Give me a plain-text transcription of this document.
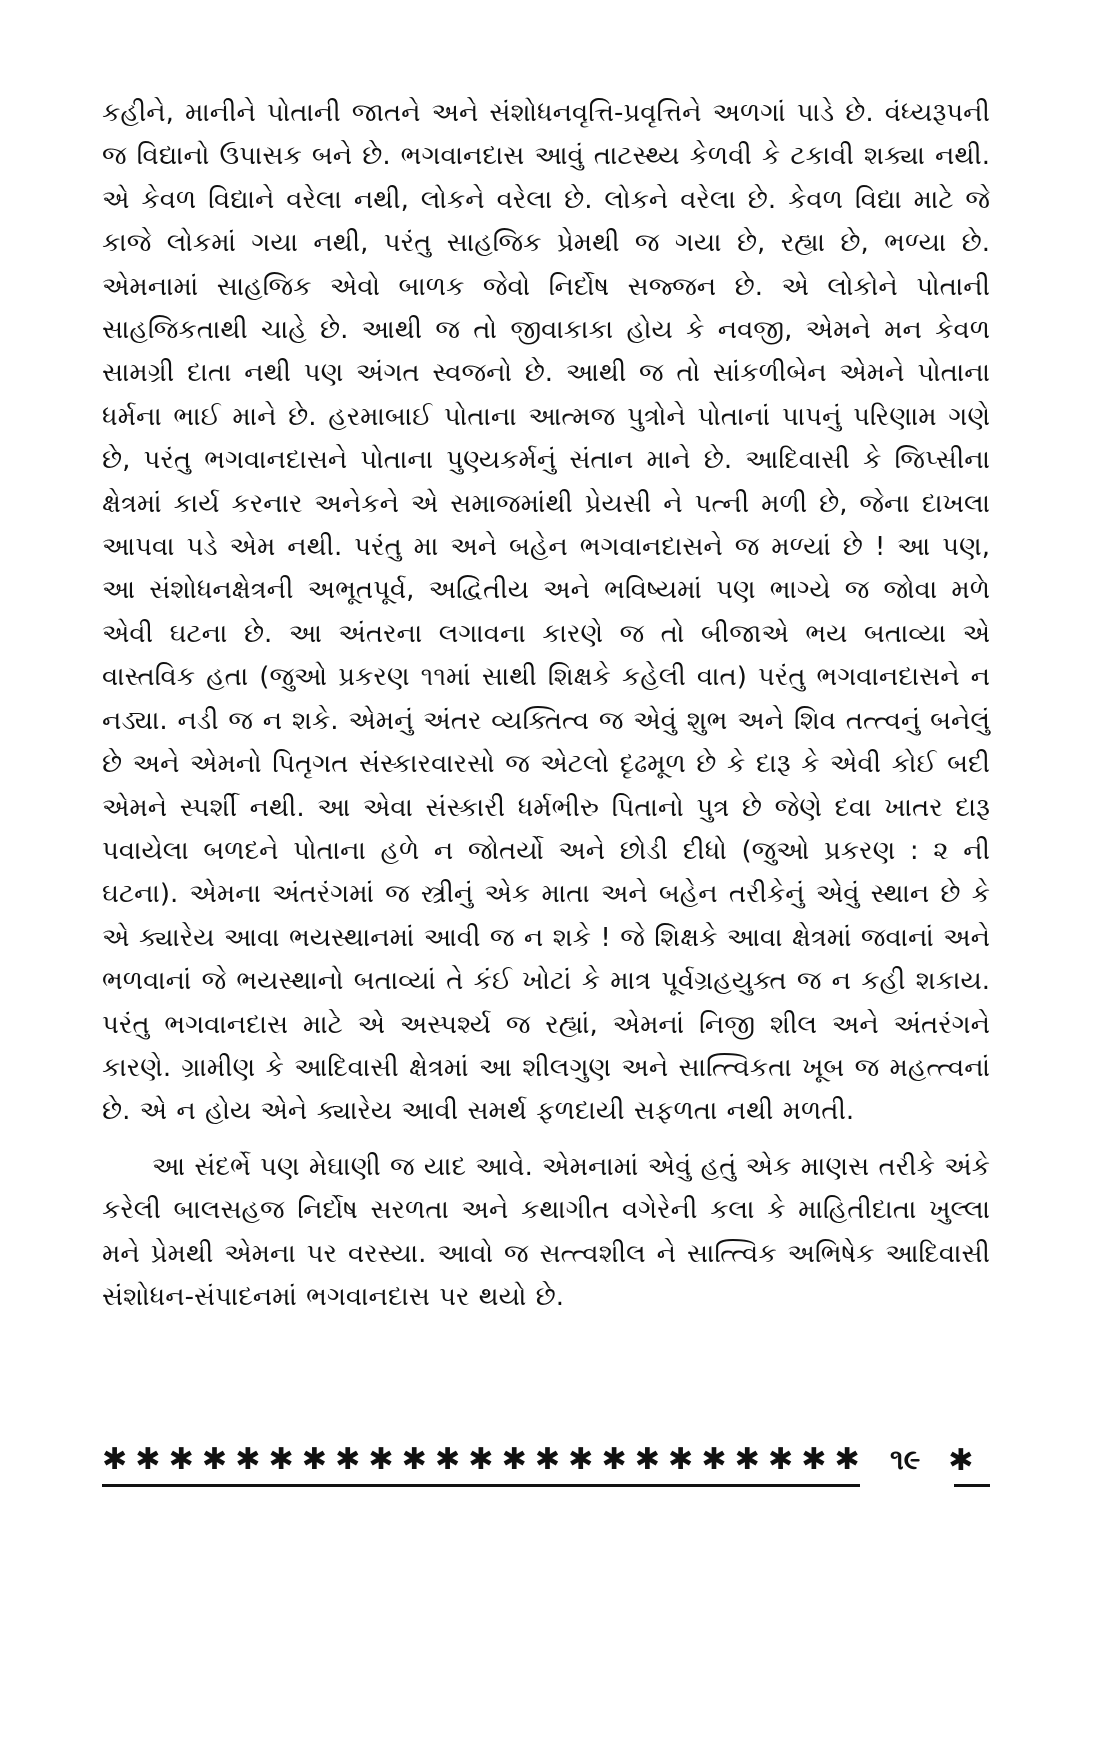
કહીને, માનીને પોતાની જાતને અને સંશોધનવૃત્તિ-પ્રવૃત્તિને અળગાં પાડે છે. વંધ્યરૂપની જ વિદ્યાનો ઉપાસક બને છે. ભગવાનદાસ આવું તાટસ્થ્ય કેળવી કે ટકાવી શક્યા નથી. એ કેવળ વિદ્યાને વરેલા નથી, લોકને વરેલા છે. લોકને વરેલા છે. કેવળ વિદ્યા માટે જે કાજે લોકમાં ગયા નથી, પરંતુ સાહજિક પ્રેમથી જ ગયા છે, રહ્યા છે, ભળ્યા છે. એમનામાં સાહજિક એવો બાળક જેવો નિર્દોષ સજ્જન છે. એ લોકોને પોતાની સાહજિકતાથી ચાહે છે. આથી જ તો જીવાકાકા હોય કે નવજી, એમને મન કેવળ સામગ્રી દાતા નથી પણ અંગત સ્વજનો છે. આથી જ તો સાંકળીબેન એમને પોતાના ધર્મના ભાઈ માને છે. હરમાબાઈ પોતાના આત્મજ પુત્રોને પોતાનાં પાપનું પરિણામ ગણે છે, પરંતુ ભગવાનદાસને પોતાના પુણ્યકર્મનું સંતાન માને છે. આદિવાસી કે જિપ્સીના ક્ષેત્રમાં કાર્ય કરનાર અનેકને એ સમાજમાંથી પ્રેયસી ને પત્ની મળી છે, જેના દાખલા આપવા પડે એમ નથી. પરંતુ મા અને બહેન ભગવાનદાસને જ મળ્યાં છે ! આ પણ, આ સંશોધનક્ષેત્રની અભૂતપૂર્વ, અદ્વિતીય અને ભવિષ્યમાં પણ ભાગ્યે જ જોવા મળે એવી ઘટના છે. આ અંતરના લગાવના કારણે જ તો બીજાએ ભય બતાવ્યા એ વાસ્તવિક હતા (જુઓ પ્રકરણ ૧૧માં સાથી શિક્ષકે કહેલી વાત) પરંતુ ભગવાનદાસને ન નડ્યા. નડી જ ન શકે. એમનું અંતર વ્યક્તિત્વ જ એવું શુભ અને શિવ તત્ત્વનું બનેલું છે અને એમનો પિતૃગત સંસ્કારવારસો જ એટલો દૃઢમૂળ છે કે દારૂ કે એવી કોઈ બદી એમને સ્પર્શી નથી. આ એવા સંસ્કારી ધર્મભીરુ પિતાનો પુત્ર છે જેણે દવા ખાતર દારૂ પવાયેલા બળદને પોતાના હળે ન જોતર્યો અને છોડી દીધો (જુઓ પ્રકરણ : ૨ ની ઘટના). એમના અંતરંગમાં જ સ્ત્રીનું એક માતા અને બહેન તરીકેનું એવું સ્થાન છે કે એ ક્યારેય આવા ભયસ્થાનમાં આવી જ ન શકે ! જે શિક્ષકે આવા ક્ષેત્રમાં જવાનાં અને ભળવાનાં જે ભયસ્થાનો બતાવ્યાં તે કંઈ ખોટાં કે માત્ર પૂર્વગ્રહયુક્ત જ ન કહી શકાય. પરંતુ ભગવાનદાસ માટે એ અસ્પર્શ્ય જ રહ્યાં, એમનાં નિજી શીલ અને અંતરંગને કારણે. ગ્રામીણ કે આદિવાસી ક્ષેત્રમાં આ શીલગુણ અને સાત્ત્વિકતા ખૂબ જ મહત્ત્વનાં છે. એ ન હોય એને ક્યારેય આવી સમર્થ ફળદાયી સફળતા નથી મળતી.

આ સંદર્ભે પણ મેઘાણી જ યાદ આવે. એમનામાં એવું હતું એક માણસ તરીકે અંકે કરેલી બાલસહજ નિર્દોષ સરળતા અને કથાગીત વગેરેની કલા કે માહિતીદાતા ખુલ્લા મને પ્રેમથી એમના પર વરસ્યા. આવો જ સત્ત્વશીલ ને સાત્ત્વિક અભિષેક આદિવાસી સંશોધન-સંપાદનમાં ભગવાનદાસ પર થયો છે.

✱ ✱ ✱ ✱ ✱ ✱ ✱ ✱ ✱ ✱ ✱ ✱ ✱ ✱ ✱ ✱ ✱ ✱ ✱ ✱ ✱ ✱ ✱ ૧૯ ✱
